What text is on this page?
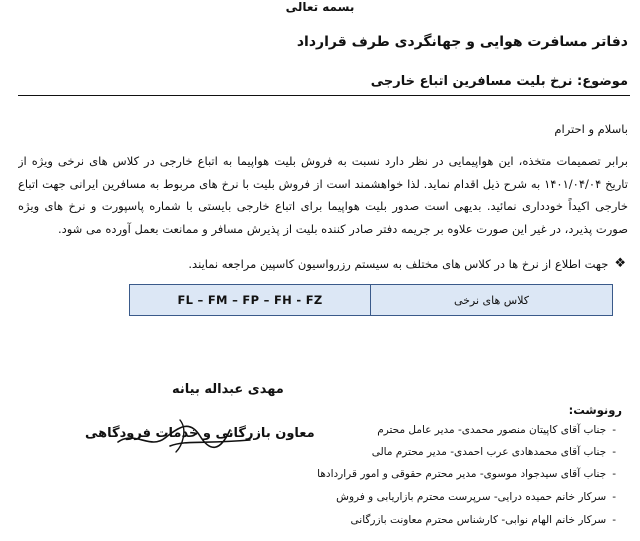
بسمه تعالی
دفاتر مسافرت هوایی و جهانگردی طرف قرارداد
موضوع: نرخ بلیت مسافرین اتباع خارجی
باسلام و احترام
برابر تصمیمات متخذه، این هواپیمایی در نظر دارد نسبت به فروش بلیت هواپیما به اتباع خارجی در کلاس های نرخی ویژه از
تاریخ ۱۴۰۱/۰۴/۰۴ به شرح ذیل اقدام نماید. لذا خواهشمند است از فروش بلیت با نرخ های مربوط به مسافرین ایرانی جهت اتباع
خارجی اکیداً خودداری نمائید. بدیهی است صدور بلیت هواپیما برای اتباع خارجی بایستی با شماره پاسپورت و نرخ های ویژه
صورت پذیرد، در غیر این صورت علاوه بر جریمه دفتر صادر کننده بلیت از پذیرش مسافر و ممانعت بعمل آورده می شود.
❖
جهت اطلاع از نرخ ها در کلاس های مختلف به سیستم رزرواسیون کاسپین مراجعه نمایند.
کلاس های نرخی	FL – FM – FP – FH - FZ
مهدی عبداله بیانه
معاون بازرگانی و خدمات فرودگاهی
رونوشت:
-
جناب آقای کاپیتان منصور محمدی- مدیر عامل محترم
-
جناب آقای محمدهادی عرب احمدی- مدیر محترم مالی
-
جناب آقای سیدجواد موسوی- مدیر محترم حقوقی و امور قراردادها
-
سرکار خانم حمیده درایی- سرپرست محترم بازاریابی و فروش
-
سرکار خانم الهام نوابی- کارشناس محترم معاونت بازرگانی
